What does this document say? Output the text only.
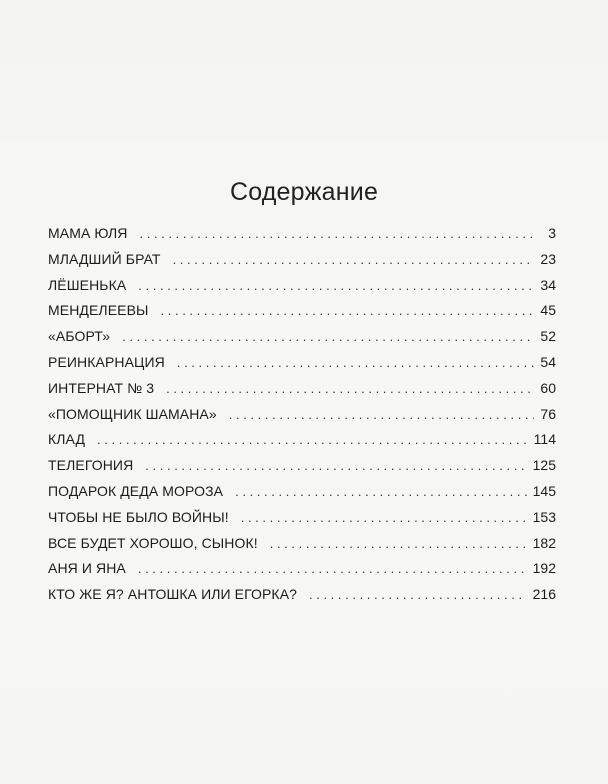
Содержание
МАМА ЮЛЯ . . .	3
МЛАДШИЙ БРАТ . . .	23
ЛЁШЕНЬКА . . .	34
МЕНДЕЛЕЕВЫ . . .	45
«АБОРТ» . . .	52
РЕИНКАРНАЦИЯ . . .	54
ИНТЕРНАТ № 3 . . .	60
«ПОМОЩНИК ШАМАНА» . . .	76
КЛАД . . .	114
ТЕЛЕГОНИЯ . . .	125
ПОДАРОК ДЕДА МОРОЗА . . .	145
ЧТОБЫ НЕ БЫЛО ВОЙНЫ! . . .	153
ВСЕ БУДЕТ ХОРОШО, СЫНОК! . . .	182
АНЯ И ЯНА . . .	192
КТО ЖЕ Я? АНТОШКА ИЛИ ЕГОРКА? . . .	216
